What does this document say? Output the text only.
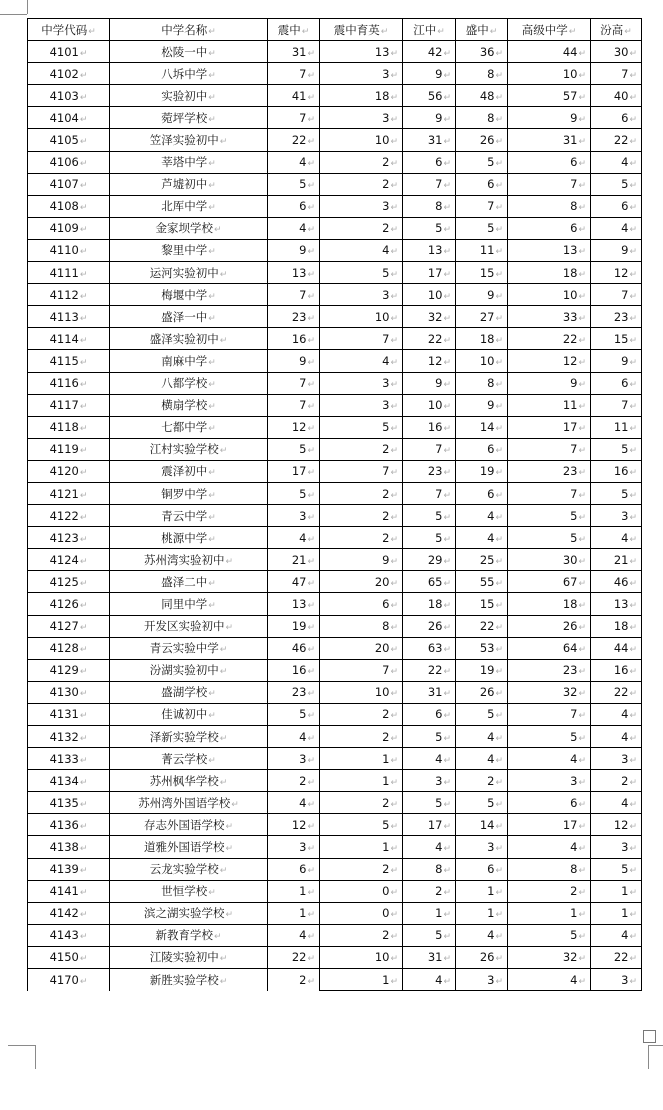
中学代码↵	中学名称↵	震中↵	震中育英↵	江中↵	盛中↵	高级中学↵	汾高↵
4101↵	松陵一中↵	31↵	13↵	42↵	36↵	44↵	30↵
4102↵	八坼中学↵	7↵	3↵	9↵	8↵	10↵	7↵
4103↵	实验初中↵	41↵	18↵	56↵	48↵	57↵	40↵
4104↵	菀坪学校↵	7↵	3↵	9↵	8↵	9↵	6↵
4105↵	笠泽实验初中↵	22↵	10↵	31↵	26↵	31↵	22↵
4106↵	莘塔中学↵	4↵	2↵	6↵	5↵	6↵	4↵
4107↵	芦墟初中↵	5↵	2↵	7↵	6↵	7↵	5↵
4108↵	北厍中学↵	6↵	3↵	8↵	7↵	8↵	6↵
4109↵	金家坝学校↵	4↵	2↵	5↵	5↵	6↵	4↵
4110↵	黎里中学↵	9↵	4↵	13↵	11↵	13↵	9↵
4111↵	运河实验初中↵	13↵	5↵	17↵	15↵	18↵	12↵
4112↵	梅堰中学↵	7↵	3↵	10↵	9↵	10↵	7↵
4113↵	盛泽一中↵	23↵	10↵	32↵	27↵	33↵	23↵
4114↵	盛泽实验初中↵	16↵	7↵	22↵	18↵	22↵	15↵
4115↵	南麻中学↵	9↵	4↵	12↵	10↵	12↵	9↵
4116↵	八都学校↵	7↵	3↵	9↵	8↵	9↵	6↵
4117↵	横扇学校↵	7↵	3↵	10↵	9↵	11↵	7↵
4118↵	七都中学↵	12↵	5↵	16↵	14↵	17↵	11↵
4119↵	江村实验学校↵	5↵	2↵	7↵	6↵	7↵	5↵
4120↵	震泽初中↵	17↵	7↵	23↵	19↵	23↵	16↵
4121↵	铜罗中学↵	5↵	2↵	7↵	6↵	7↵	5↵
4122↵	青云中学↵	3↵	2↵	5↵	4↵	5↵	3↵
4123↵	桃源中学↵	4↵	2↵	5↵	4↵	5↵	4↵
4124↵	苏州湾实验初中↵	21↵	9↵	29↵	25↵	30↵	21↵
4125↵	盛泽二中↵	47↵	20↵	65↵	55↵	67↵	46↵
4126↵	同里中学↵	13↵	6↵	18↵	15↵	18↵	13↵
4127↵	开发区实验初中↵	19↵	8↵	26↵	22↵	26↵	18↵
4128↵	青云实验中学↵	46↵	20↵	63↵	53↵	64↵	44↵
4129↵	汾湖实验初中↵	16↵	7↵	22↵	19↵	23↵	16↵
4130↵	盛湖学校↵	23↵	10↵	31↵	26↵	32↵	22↵
4131↵	佳诚初中↵	5↵	2↵	6↵	5↵	7↵	4↵
4132↵	泽新实验学校↵	4↵	2↵	5↵	4↵	5↵	4↵
4133↵	菁云学校↵	3↵	1↵	4↵	4↵	4↵	3↵
4134↵	苏州枫华学校↵	2↵	1↵	3↵	2↵	3↵	2↵
4135↵	苏州湾外国语学校↵	4↵	2↵	5↵	5↵	6↵	4↵
4136↵	存志外国语学校↵	12↵	5↵	17↵	14↵	17↵	12↵
4138↵	道雅外国语学校↵	3↵	1↵	4↵	3↵	4↵	3↵
4139↵	云龙实验学校↵	6↵	2↵	8↵	6↵	8↵	5↵
4141↵	世恒学校↵	1↵	0↵	2↵	1↵	2↵	1↵
4142↵	滨之湖实验学校↵	1↵	0↵	1↵	1↵	1↵	1↵
4143↵	新教育学校↵	4↵	2↵	5↵	4↵	5↵	4↵
4150↵	江陵实验初中↵	22↵	10↵	31↵	26↵	32↵	22↵
4170↵	新胜实验学校↵	2↵	1↵	4↵	3↵	4↵	3↵
